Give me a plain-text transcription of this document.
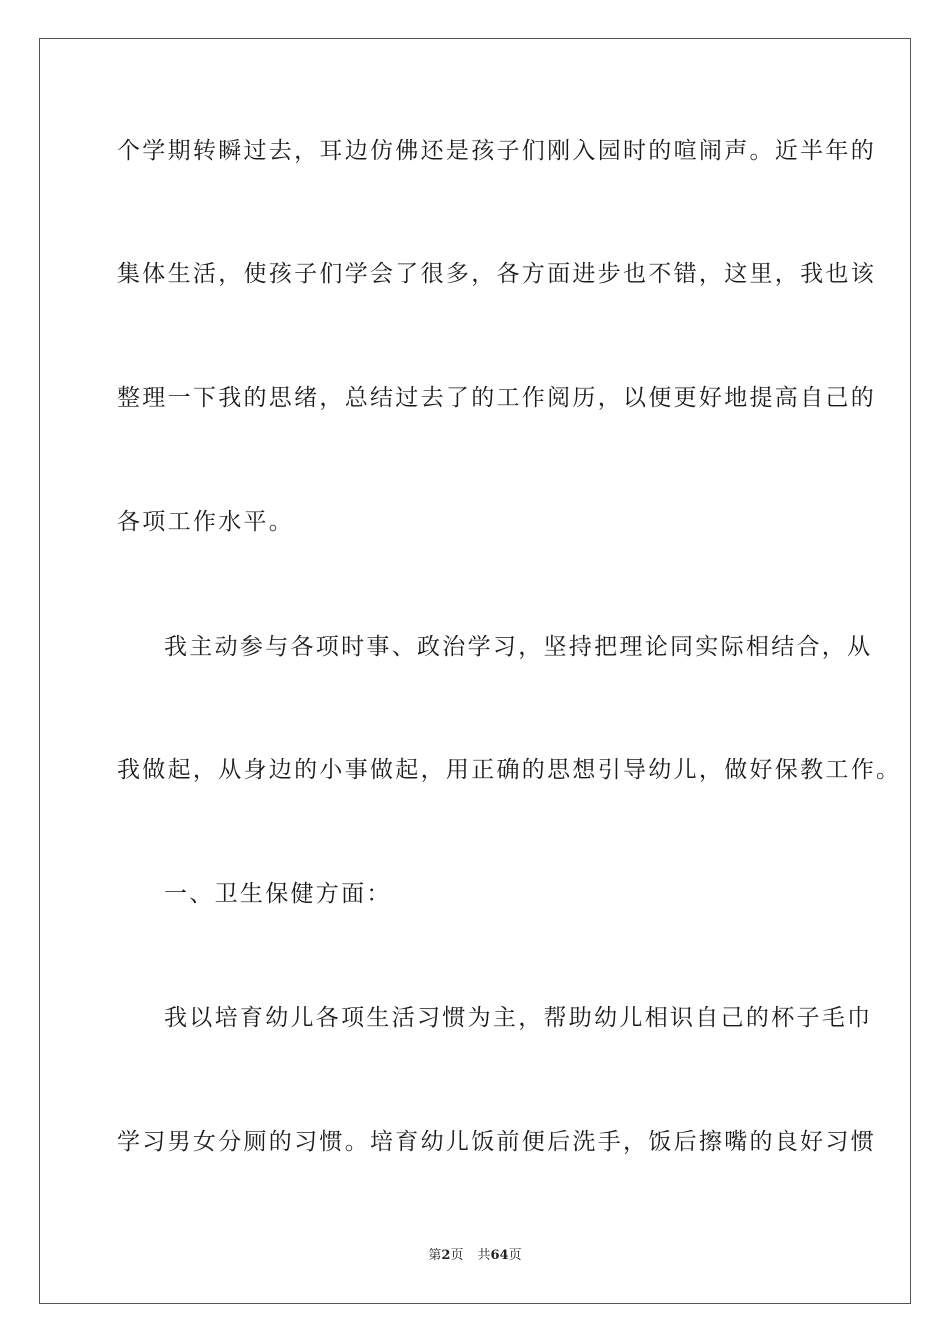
个学期转瞬过去，耳边仿佛还是孩子们刚入园时的喧闹声。近半年的
集体生活，使孩子们学会了很多，各方面进步也不错，这里，我也该
整理一下我的思绪，总结过去了的工作阅历，以便更好地提高自己的
各项工作水平。
我主动参与各项时事、政治学习，坚持把理论同实际相结合，从
我做起，从身边的小事做起，用正确的思想引导幼儿，做好保教工作。
一、卫生保健方面：
我以培育幼儿各项生活习惯为主，帮助幼儿相识自己的杯子毛巾
学习男女分厕的习惯。培育幼儿饭前便后洗手，饭后擦嘴的良好习惯
第2页 共64页
